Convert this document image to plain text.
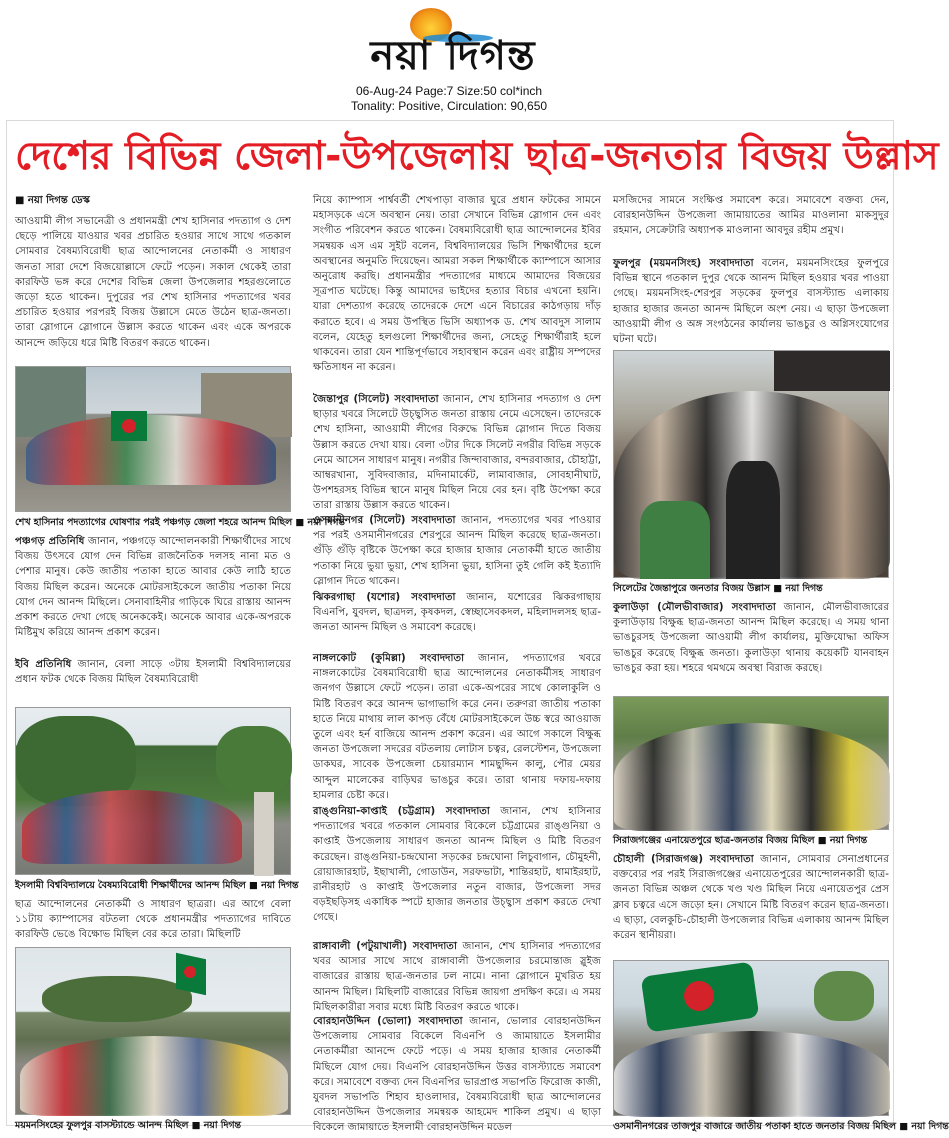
নয়া দিগন্ত
06-Aug-24 Page:7 Size:50 col*inch
Tonality: Positive, Circulation: 90,650
দেশের বিভিন্ন জেলা-উপজেলায় ছাত্র-জনতার বিজয় উল্লাস
■ নয়া দিগন্ত ডেস্ক
আওয়ামী লীগ সভানেত্রী ও প্রধানমন্ত্রী শেখ হাসিনার পদত্যাগ ও দেশ ছেড়ে পালিয়ে যাওয়ার খবর প্রচারিত হওয়ার সাথে সাথে গতকাল সোমবার বৈষম্যবিরোধী ছাত্র আন্দোলনের নেতাকর্মী ও সাধারণ জনতা সারা দেশে বিজয়োল্লাসে ফেটে পড়েন। সকাল থেকেই তারা কারফিউ ভঙ্গ করে দেশের বিভিন্ন জেলা উপজেলার শহরগুলোতে জড়ো হতে থাকেন। দুপুরের পর শেখ হাসিনার পদত্যাগের খবর প্রচারিত হওয়ার পরপরই বিজয় উল্লাসে মেতে উঠেন ছাত্র-জনতা। তারা স্লোগানে স্লোগানে উল্লাস করতে থাকেন এবং একে অপরকে আনন্দে জড়িয়ে ধরে মিষ্টি বিতরণ করতে থাকেন।
শেখ হাসিনার পদত্যাগের ঘোষণার পরই পঞ্চগড় জেলা শহরে আনন্দ মিছিল ■ নয়া দিগন্ত
পঞ্চগড় প্রতিনিধি জানান, পঞ্চগড়ে আন্দোলনকারী শিক্ষার্থীদের সাথে বিজয় উৎসবে যোগ দেন বিভিন্ন রাজনৈতিক দলসহ নানা মত ও পেশার মানুষ। কেউ জাতীয় পতাকা হাতে আবার কেউ লাঠি হাতে বিজয় মিছিল করেন। অনেকে মোটরসাইকেলে জাতীয় পতাকা নিয়ে যোগ দেন আনন্দ মিছিলে। সেনাবাহিনীর গাড়িকে ঘিরে রাস্তায় আনন্দ প্রকাশ করতে দেখা গেছে অনেককেই। অনেকে আবার একে-অপরকে মিষ্টিমুখ করিয়ে আনন্দ প্রকাশ করেন।
ইবি প্রতিনিধি জানান, বেলা সাড়ে ৩টায় ইসলামী বিশ্ববিদ্যালয়ের প্রধান ফটক থেকে বিজয় মিছিল বৈষম্যবিরোধী
ইসলামী বিশ্ববিদ্যালয়ে বৈষম্যবিরোধী শিক্ষার্থীদের আনন্দ মিছিল ■ নয়া দিগন্ত
ছাত্র আন্দোলনের নেতাকর্মী ও সাধারণ ছাত্ররা। এর আগে বেলা ১১টায় ক্যাম্পাসের বটতলা থেকে প্রধানমন্ত্রীর পদত্যাগের দাবিতে কারফিউ ভেঙে বিক্ষোভ মিছিল বের করে তারা। মিছিলটি
ময়মনসিংহের ফুলপুর বাসস্ট্যান্ডে আনন্দ মিছিল ■ নয়া দিগন্ত
নিয়ে ক্যাম্পাস পার্শ্ববর্তী শেখপাড়া বাজার ঘুরে প্রধান ফটকের সামনে মহাসড়কে এসে অবস্থান নেয়। তারা সেখানে বিভিন্ন স্লোগান দেন এবং সংগীত পরিবেশন করতে থাকেন। বৈষম্যবিরোধী ছাত্র আন্দোলনের ইবির সমন্বয়ক এস এম সুইট বলেন, বিশ্ববিদ্যালয়ের ভিসি শিক্ষার্থীদের হলে অবস্থানের অনুমতি দিয়েছেন। আমরা সকল শিক্ষার্থীকে ক্যাম্পাসে আসার অনুরোধ করছি। প্রধানমন্ত্রীর পদত্যাগের মাধ্যমে আমাদের বিজয়ের সূত্রপাত ঘটেছে। কিন্তু আমাদের ভাইদের হত্যার বিচার এখনো হয়নি। যারা দেশত্যাগ করেছে তাদেরকে দেশে এনে বিচারের কাঠগড়ায় দাঁড় করাতে হবে। এ সময় উপস্থিত ভিসি অধ্যাপক ড. শেখ আবদুস সালাম বলেন, যেহেতু হলগুলো শিক্ষার্থীদের জন্য, সেহেতু শিক্ষার্থীরাই হলে থাকবেন। তারা যেন শান্তিপূর্ণভাবে সহাবস্থান করেন এবং রাষ্ট্রীয় সম্পদের ক্ষতিসাধন না করেন।
জৈন্তাপুর (সিলেট) সংবাদদাতা জানান, শেখ হাসিনার পদত্যাগ ও দেশ ছাড়ার খবরে সিলেটে উচ্ছ্বসিত জনতা রাস্তায় নেমে এসেছেন। তাদেরকে শেখ হাসিনা, আওয়ামী লীগের বিরুদ্ধে বিভিন্ন স্লোগান দিতে বিজয় উল্লাস করতে দেখা যায়। বেলা ৩টার দিকে সিলেট নগরীর বিভিন্ন সড়কে নেমে আসেন সাধারণ মানুষ। নগরীর জিন্দাবাজার, বন্দরবাজার, চৌহাট্টা, আম্বরখানা, সুবিদবাজার, মদিনামার্কেট, লামাবাজার, সোবহানীঘাট, উপশহরসহ বিভিন্ন স্থানে মানুষ মিছিল নিয়ে বের হন। বৃষ্টি উপেক্ষা করে তারা রাস্তায় উল্লাস করতে থাকেন।
ওসমানীনগর (সিলেট) সংবাদদাতা জানান, পদত্যাগের খবর পাওয়ার পর পরই ওসমানীনগরের শেরপুরে আনন্দ মিছিল করেছে ছাত্র-জনতা। গুঁড়ি গুঁড়ি বৃষ্টিকে উপেক্ষা করে হাজার হাজার নেতাকর্মী হাতে জাতীয় পতাকা নিয়ে ভুয়া ভুয়া, শেখ হাসিনা ভুয়া, হাসিনা তুই গেলি কই ইত্যাদি স্লোগান দিতে থাকেন।
ঝিকরগাছা (যশোর) সংবাদদাতা জানান, যশোরের ঝিকরগাছায় বিএনপি, যুবদল, ছাত্রদল, কৃষকদল, স্বেচ্ছাসেবকদল, মহিলাদলসহ ছাত্র-জনতা আনন্দ মিছিল ও সমাবেশ করেছে।
নাঙ্গলকোট (কুমিল্লা) সংবাদদাতা জানান, পদত্যাগের খবরে নাঙ্গলকোটের বৈষম্যবিরোধী ছাত্র আন্দোলনের নেতাকর্মীসহ সাধারণ জনগণ উল্লাসে ফেটে পড়েন। তারা একে-অপরের সাথে কোলাকুলি ও মিষ্টি বিতরণ করে আনন্দ ভাগাভাগি করে নেন। তরুণরা জাতীয় পতাকা হাতে নিয়ে মাথায় লাল কাপড় বেঁধে মোটরসাইকেলে উচ্চ স্বরে আওয়াজ তুলে এবং হর্ন বাজিয়ে আনন্দ প্রকাশ করেন। এর আগে সকালে বিক্ষুব্ধ জনতা উপজেলা সদরের বটতলায় লোটাস চত্বর, রেলস্টেশন, উপজেলা ডাকঘর, সাবেক উপজেলা চেয়ারম্যান শামছুদ্দিন কালু, পৌর মেয়র আব্দুল মালেকের বাড়িঘর ভাঙচুর করে। তারা থানায় দফায়-দফায় হামলার চেষ্টা করে।
রাঙ্গুনিয়া-কাপ্তাই (চট্টগ্রাম) সংবাদদাতা জানান, শেখ হাসিনার পদত্যাগের খবরে গতকাল সোমবার বিকেলে চট্টগ্রামের রাঙ্গুনিয়া ও কাপ্তাই উপজেলায় সাধারণ জনতা আনন্দ মিছিল ও মিষ্টি বিতরণ করেছেন। রাঙ্গুনিয়া-চন্দ্রঘোনা সড়কের চন্দ্রঘোনা লিচুবাগান, চৌমুহনী, রোয়াজারহাট, ইছাখালী, গোডাউন, সরফভাটা, শান্তিরহাট, ধামাইরহাট, রানীরহাট ও কাপ্তাই উপজেলার নতুন বাজার, উপজেলা সদর বড়ইছড়িসহ একাধিক স্পটে হাজার জনতার উচ্ছ্বাস প্রকাশ করতে দেখা গেছে।
রাঙ্গাবালী (পটুয়াখালী) সংবাদদাতা জানান, শেখ হাসিনার পদত্যাগের খবর আসার সাথে সাথে রাঙ্গাবালী উপজেলার চরমোন্তাজ স্লুইজ বাজারের রাস্তায় ছাত্র-জনতার ঢল নামে। নানা স্লোগানে মুখরিত হয় আনন্দ মিছিল। মিছিলটি বাজারের বিভিন্ন জায়গা প্রদক্ষিণ করে। এ সময় মিছিলকারীরা সবার মধ্যে মিষ্টি বিতরণ করতে থাকে।
বোরহানউদ্দিন (ভোলা) সংবাদদাতা জানান, ভোলার বোরহানউদ্দিন উপজেলায় সোমবার বিকেলে বিএনপি ও জামায়াতে ইসলামীর নেতাকর্মীরা আনন্দে ফেটে পড়ে। এ সময় হাজার হাজার নেতাকর্মী মিছিলে যোগ দেয়। বিএনপি বোরহানউদ্দিন উত্তর বাসস্ট্যান্ডে সমাবেশ করে। সমাবেশে বক্তব্য দেন বিএনপির ভারপ্রাপ্ত সভাপতি ফিরোজ কাজী, যুবদল সভাপতি শিহাব হাওলাদার, বৈষম্যবিরোধী ছাত্র আন্দোলনের বোরহানউদ্দিন উপজেলার সমন্বয়ক আহমেদ শাকিল প্রমুখ। এ ছাড়া বিকেলে জামায়াতে ইসলামী বোরহানউদ্দিন মডেল
মসজিদের সামনে সংক্ষিপ্ত সমাবেশ করে। সমাবেশে বক্তব্য দেন, বোরহানউদ্দিন উপজেলা জামায়াতের আমির মাওলানা মাকসুদুর রহমান, সেক্রেটারি অধ্যাপক মাওলানা আবদুর রহীম প্রমুখ।
ফুলপুর (ময়মনসিংহ) সংবাদদাতা বলেন, ময়মনসিংহের ফুলপুরে বিভিন্ন স্থানে গতকাল দুপুর থেকে আনন্দ মিছিল হওয়ার খবর পাওয়া গেছে। ময়মনসিংহ-শেরপুর সড়কের ফুলপুর বাসস্ট্যান্ড এলাকায় হাজার হাজার জনতা আনন্দ মিছিলে অংশ নেয়। এ ছাড়া উপজেলা আওয়ামী লীগ ও অঙ্গ সংগঠনের কার্যালয় ভাঙচুর ও অগ্নিসংযোগের ঘটনা ঘটে।
সিলেটের জৈন্তাপুরে জনতার বিজয় উল্লাস ■ নয়া দিগন্ত
কুলাউড়া (মৌলভীবাজার) সংবাদদাতা জানান, মৌলভীবাজারের কুলাউড়ায় বিক্ষুব্ধ ছাত্র-জনতা আনন্দ মিছিল করেছে। এ সময় থানা ভাঙচুরসহ উপজেলা আওয়ামী লীগ কার্যালয়, মুক্তিযোদ্ধা অফিস ভাঙচুর করেছে বিক্ষুব্ধ জনতা। কুলাউড়া থানায় কয়েকটি যানবাহন ভাঙচুর করা হয়। শহরে থমথমে অবস্থা বিরাজ করছে।
সিরাজগঞ্জের এনায়েতপুরে ছাত্র-জনতার বিজয় মিছিল ■ নয়া দিগন্ত
চৌহালী (সিরাজগঞ্জ) সংবাদদাতা জানান, সোমবার সেনাপ্রধানের বক্তব্যের পর পরই সিরাজগঞ্জের এনায়েতপুরের আন্দোলনকারী ছাত্র-জনতা বিভিন্ন অঞ্চল থেকে খণ্ড খণ্ড মিছিল নিয়ে এনায়েতপুর প্রেস ক্লাব চত্বরে এসে জড়ো হন। সেখানে মিষ্টি বিতরণ করেন ছাত্র-জনতা। এ ছাড়া, বেলকুচি-চৌহালী উপজেলার বিভিন্ন এলাকায় আনন্দ মিছিল করেন স্থানীয়রা।
ওসমানীনগরের তাজপুর বাজারে জাতীয় পতাকা হাতে জনতার বিজয় মিছিল ■ নয়া দিগন্ত
